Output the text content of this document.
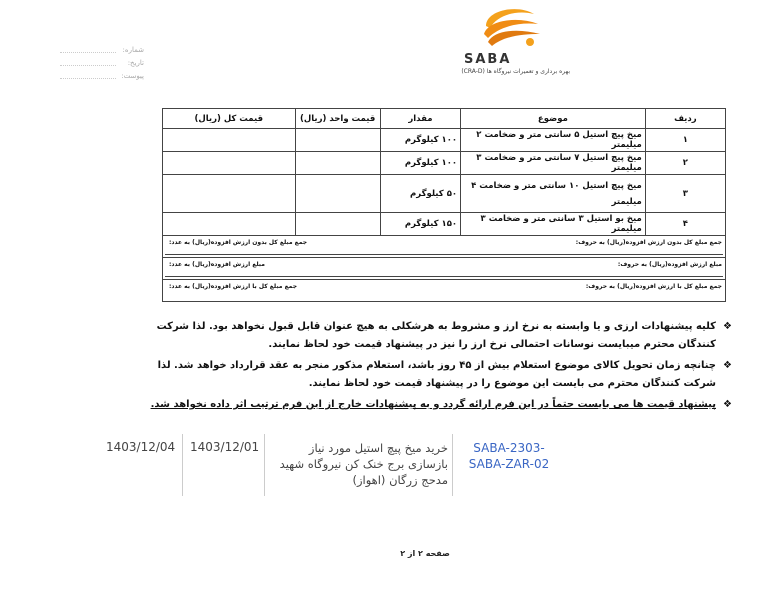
SABA
بهره برداری و تعمیرات نیروگاه ها (CRA-D)
شماره:
تاریخ:
پیوست:
ردیف	موضوع	مقدار	قیمت واحد (ریال)	قیمت کل (ریال)
۱	میخ پیچ استیل ۵ سانتی متر و ضخامت ۲ میلیمتر	۱۰۰ کیلوگرم		
۲	میخ پیچ استیل ۷ سانتی متر و ضخامت ۳ میلیمتر	۱۰۰ کیلوگرم		
۳	میخ پیچ استیل ۱۰ سانتی متر و ضخامت ۴ میلیمتر	۵۰ کیلوگرم		
۴	میخ بو استیل ۳ سانتی متر و ضخامت ۳ میلیمتر	۱۵۰ کیلوگرم		
جمع مبلغ کل بدون ارزش افزوده(ریال) به حروف:
جمع مبلغ کل بدون ارزش افزوده(ریال) به عدد:
مبلغ ارزش افزوده(ریال) به حروف:
مبلغ ارزش افزوده(ریال) به عدد:
جمع مبلغ کل با ارزش افزوده(ریال) به حروف:
جمع مبلغ کل با ارزش افزوده(ریال) به عدد:
❖
کلیه پیشنهادات ارزی و یا وابسته به نرخ ارز و مشروط به هرشکلی به هیچ عنوان قابل قبول نخواهد بود. لذا شرکت کنندگان محترم میبایست نوسانات احتمالی نرخ ارز را نیز در پیشنهاد قیمت خود لحاظ نمایند.
❖
چنانچه زمان تحویل کالای موضوع استعلام بیش از ۴۵ روز باشد، استعلام مذکور منجر به عقد قرارداد خواهد شد. لذا شرکت کنندگان محترم می بایست این موضوع را در پیشنهاد قیمت خود لحاظ نمایند.
❖
پیشنهاد قیمت ها می بایست حتماً در این فرم ارائه گردد و به پیشنهادات خارج از این فرم ترتیب اثر داده نخواهد شد.
1403/12/04 1403/12/01	خرید میخ پیچ استیل مورد نیاز بازسازی برج خنک کن نیروگاه شهید مدحج زرگان (اهواز)
SABA-2303-SABA-ZAR-02
صفحه ۲ از ۲
